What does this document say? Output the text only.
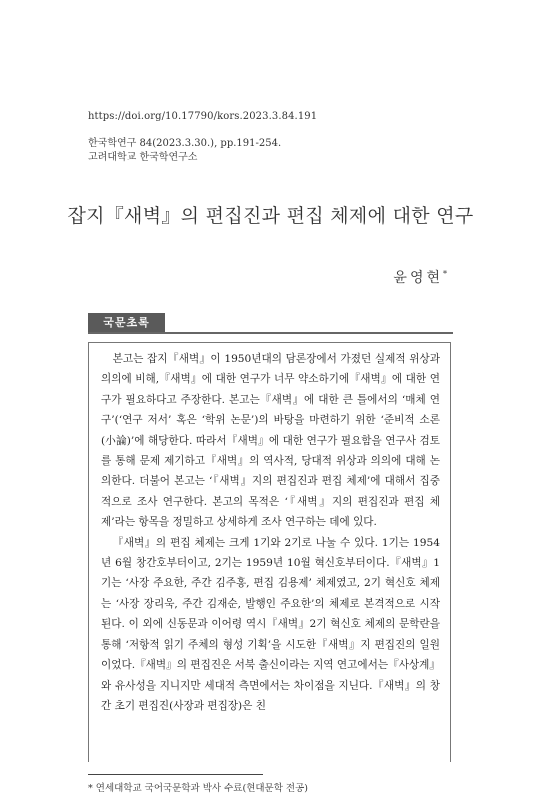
https://doi.org/10.17790/kors.2023.3.84.191
한국학연구 84(2023.3.30.), pp.191-254.
고려대학교 한국학연구소
잡지『새벽』의 편집진과 편집 체제에 대한 연구
윤영현*
국문초록

본고는 잡지『새벽』이 1950년대의 담론장에서 가졌던 실제적 위상과 의의에 비해,『새벽』에 대한 연구가 너무 약소하기에『새벽』에 대한 연구가 필요하다고 주장한다. 본고는『새벽』에 대한 큰 틀에서의 ‘매체 연구’(‘연구 저서’ 혹은 ‘학위 논문’)의 바탕을 마련하기 위한 ‘준비적 소론(小論)’에 해당한다. 따라서『새벽』에 대한 연구가 필요함을 연구사 검토를 통해 문제 제기하고『새벽』의 역사적, 당대적 위상과 의의에 대해 논의한다. 더불어 본고는 ‘『새벽』지의 편집진과 편집 체제’에 대해서 집중적으로 조사 연구한다. 본고의 목적은 ‘『새벽』지의 편집진과 편집 체제’라는 항목을 정밀하고 상세하게 조사 연구하는 데에 있다.

『새벽』의 편집 체제는 크게 1기와 2기로 나눌 수 있다. 1기는 1954년 6월 창간호부터이고, 2기는 1959년 10월 혁신호부터이다.『새벽』1기는 ‘사장 주요한, 주간 김주홍, 편집 김용제’ 체제였고, 2기 혁신호 체제는 ‘사장 장리욱, 주간 김재순, 발행인 주요한’의 체제로 본격적으로 시작된다. 이 외에 신동문과 이어령 역시『새벽』2기 혁신호 체제의 문학란을 통해 ‘저항적 읽기 주체의 형성 기획’을 시도한『새벽』지 편집진의 일원이었다.『새벽』의 편집진은 서북 출신이라는 지역 연고에서는『사상계』와 유사성을 지니지만 세대적 측면에서는 차이점을 지닌다.『새벽』의 창간 초기 편집진(사장과 편집장)은 친

* 연세대학교 국어국문학과 박사 수료(현대문학 전공)
